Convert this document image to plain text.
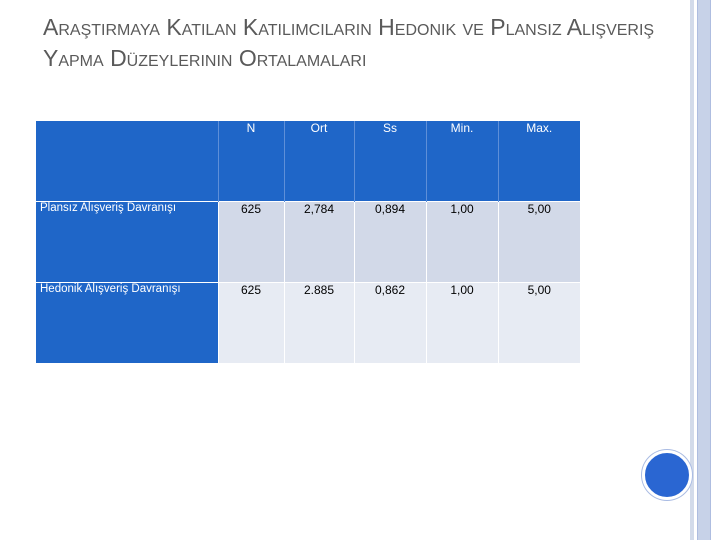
Araştırmaya Katılan Katılımcıların Hedonik ve Plansız Alışveriş Yapma Düzeylerinin Ortalamaları
	N	Ort	Ss	Min.	Max.
Plansız Alışveriş Davranışı	625	2,784	0,894	1,00	5,00
Hedonik Alışveriş Davranışı	625	2.885	0,862	1,00	5,00
